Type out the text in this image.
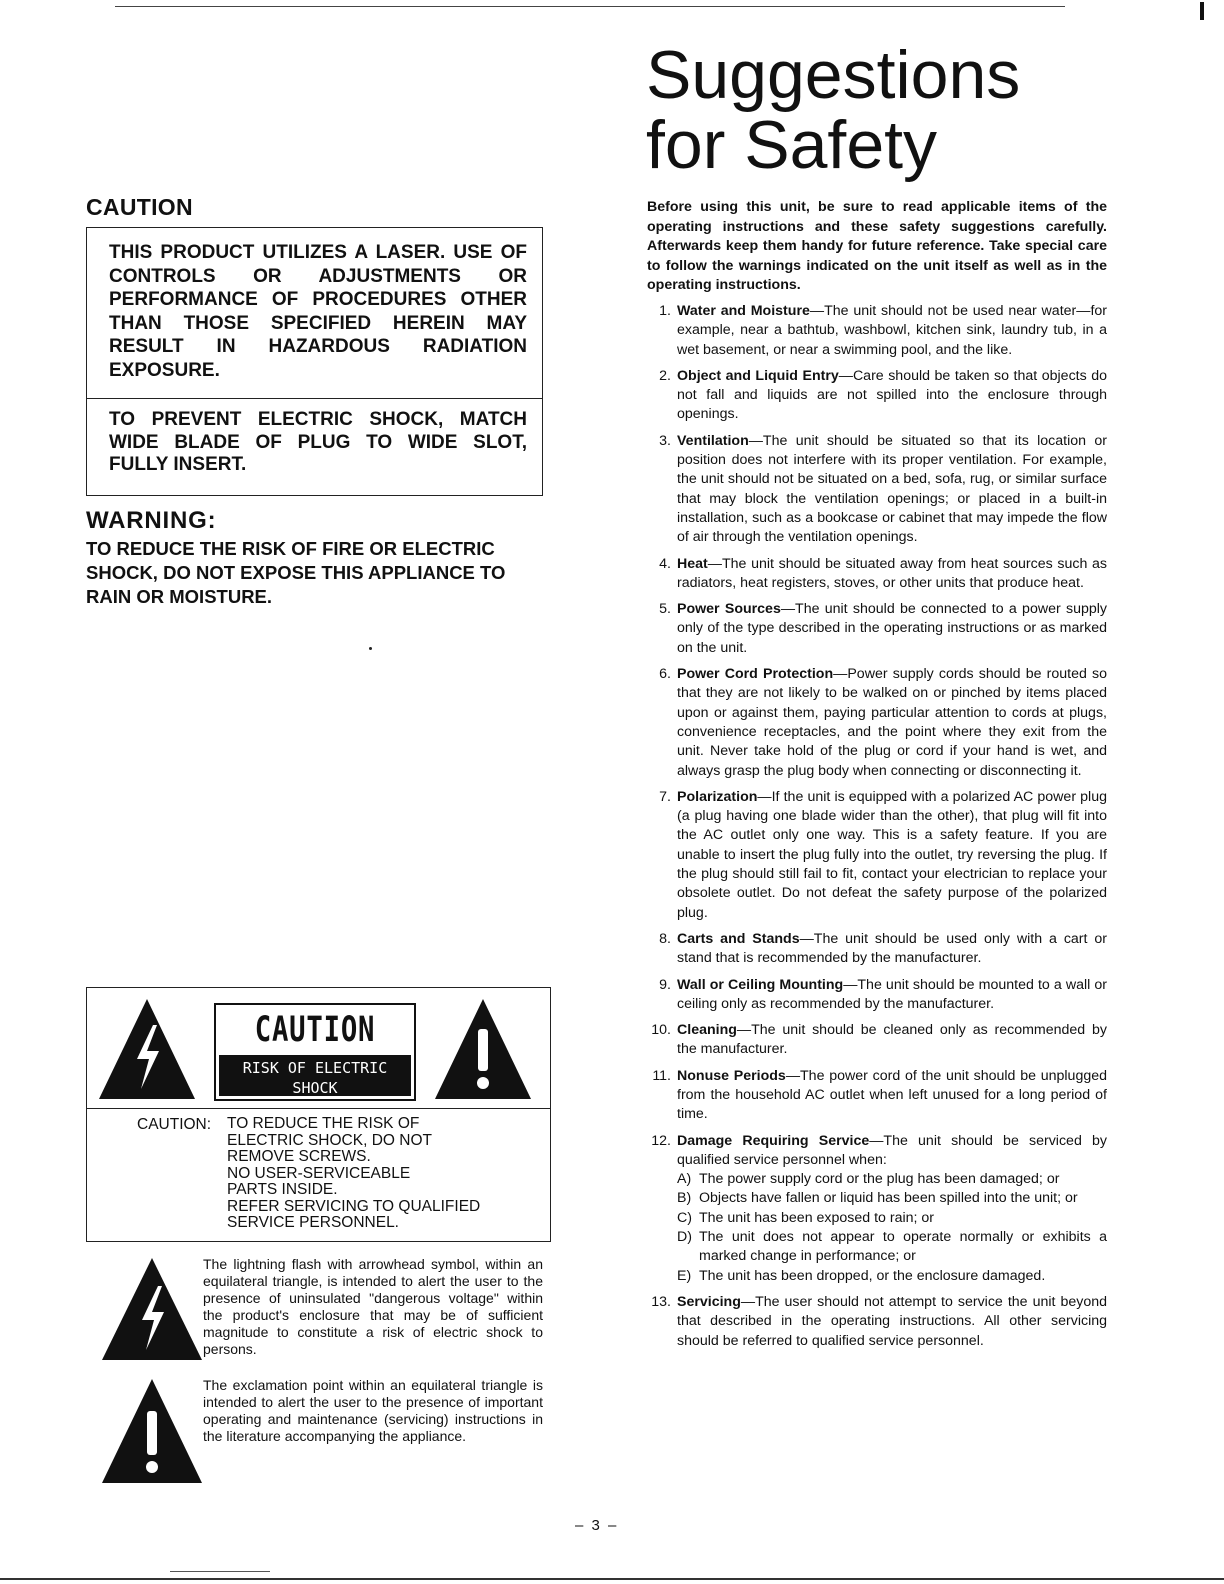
CAUTION
THIS PRODUCT UTILIZES A LASER. USE OF CONTROLS OR ADJUSTMENTS OR PERFORMANCE OF PROCEDURES OTHER THAN THOSE SPECIFIED HEREIN MAY RESULT IN HAZARDOUS RADIATION EXPOSURE.
TO PREVENT ELECTRIC SHOCK, MATCH WIDE BLADE OF PLUG TO WIDE SLOT, FULLY INSERT.
WARNING:
TO REDUCE THE RISK OF FIRE OR ELECTRIC SHOCK, DO NOT EXPOSE THIS APPLIANCE TO RAIN OR MOISTURE.
CAUTION
RISK OF ELECTRIC SHOCK
DO NOT OPEN
CAUTION: TO REDUCE THE RISK OF
ELECTRIC SHOCK, DO NOT
REMOVE SCREWS.
NO USER-SERVICEABLE
PARTS INSIDE.
REFER SERVICING TO QUALIFIED
SERVICE PERSONNEL.
The lightning flash with arrowhead symbol, within an equilateral triangle, is intended to alert the user to the presence of uninsulated "dangerous voltage" within the product's enclosure that may be of sufficient magnitude to constitute a risk of electric shock to persons.
The exclamation point within an equilateral triangle is intended to alert the user to the presence of important operating and maintenance (servicing) instructions in the literature accompanying the appliance.
Suggestions
for Safety
Before using this unit, be sure to read applicable items of the operating instructions and these safety suggestions carefully. Afterwards keep them handy for future reference. Take special care to follow the warnings indicated on the unit itself as well as in the operating instructions.
1. Water and Moisture—The unit should not be used near water—for example, near a bathtub, washbowl, kitchen sink, laundry tub, in a wet basement, or near a swimming pool, and the like.
2. Object and Liquid Entry—Care should be taken so that objects do not fall and liquids are not spilled into the enclosure through openings.
3. Ventilation—The unit should be situated so that its location or position does not interfere with its proper ventilation. For example, the unit should not be situated on a bed, sofa, rug, or similar surface that may block the ventilation openings; or placed in a built-in installation, such as a bookcase or cabinet that may impede the flow of air through the ventilation openings.
4. Heat—The unit should be situated away from heat sources such as radiators, heat registers, stoves, or other units that produce heat.
5. Power Sources—The unit should be connected to a power supply only of the type described in the operating instructions or as marked on the unit.
6. Power Cord Protection—Power supply cords should be routed so that they are not likely to be walked on or pinched by items placed upon or against them, paying particular attention to cords at plugs, convenience receptacles, and the point where they exit from the unit. Never take hold of the plug or cord if your hand is wet, and always grasp the plug body when connecting or disconnecting it.
7. Polarization—If the unit is equipped with a polarized AC power plug (a plug having one blade wider than the other), that plug will fit into the AC outlet only one way. This is a safety feature. If you are unable to insert the plug fully into the outlet, try reversing the plug. If the plug should still fail to fit, contact your electrician to replace your obsolete outlet. Do not defeat the safety purpose of the polarized plug.
8. Carts and Stands—The unit should be used only with a cart or stand that is recommended by the manufacturer.
9. Wall or Ceiling Mounting—The unit should be mounted to a wall or ceiling only as recommended by the manufacturer.
10. Cleaning—The unit should be cleaned only as recommended by the manufacturer.
11. Nonuse Periods—The power cord of the unit should be unplugged from the household AC outlet when left unused for a long period of time.
12. Damage Requiring Service—The unit should be serviced by qualified service personnel when:
A) The power supply cord or the plug has been damaged; or
B) Objects have fallen or liquid has been spilled into the unit; or
C) The unit has been exposed to rain; or
D) The unit does not appear to operate normally or exhibits a marked change in performance; or
E) The unit has been dropped, or the enclosure damaged.
13. Servicing—The user should not attempt to service the unit beyond that described in the operating instructions. All other servicing should be referred to qualified service personnel.
– 3 –
